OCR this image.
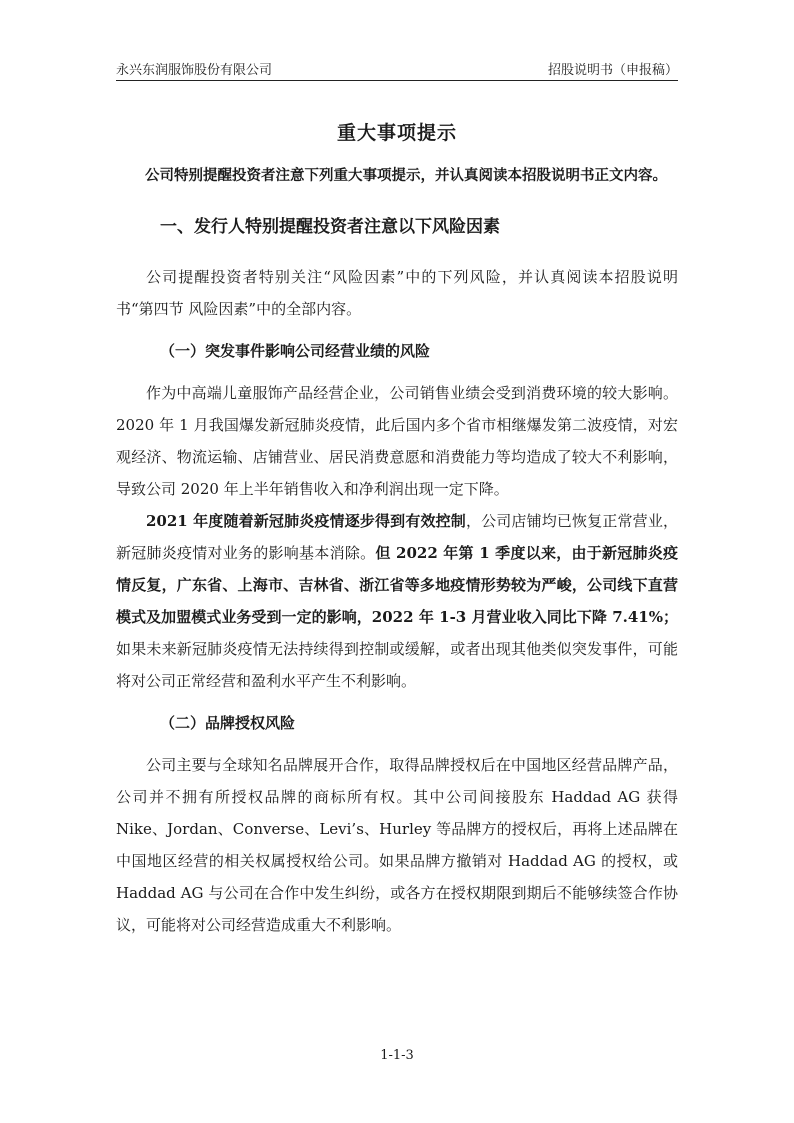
永兴东润服饰股份有限公司	招股说明书（申报稿）
重大事项提示

公司特别提醒投资者注意下列重大事项提示，并认真阅读本招股说明书正文内容。

一、发行人特别提醒投资者注意以下风险因素

公司提醒投资者特别关注“风险因素”中的下列风险，并认真阅读本招股说明书“第四节 风险因素”中的全部内容。

（一）突发事件影响公司经营业绩的风险

作为中高端儿童服饰产品经营企业，公司销售业绩会受到消费环境的较大影响。2020 年 1 月我国爆发新冠肺炎疫情，此后国内多个省市相继爆发第二波疫情，对宏观经济、物流运输、店铺营业、居民消费意愿和消费能力等均造成了较大不利影响，导致公司 2020 年上半年销售收入和净利润出现一定下降。

2021 年度随着新冠肺炎疫情逐步得到有效控制，公司店铺均已恢复正常营业，新冠肺炎疫情对业务的影响基本消除。但 2022 年第 1 季度以来，由于新冠肺炎疫情反复，广东省、上海市、吉林省、浙江省等多地疫情形势较为严峻，公司线下直营模式及加盟模式业务受到一定的影响，2022 年 1-3 月营业收入同比下降 7.41%；如果未来新冠肺炎疫情无法持续得到控制或缓解，或者出现其他类似突发事件，可能将对公司正常经营和盈利水平产生不利影响。

（二）品牌授权风险

公司主要与全球知名品牌展开合作，取得品牌授权后在中国地区经营品牌产品，公司并不拥有所授权品牌的商标所有权。其中公司间接股东 Haddad AG 获得 Nike、Jordan、Converse、Levi’s、Hurley 等品牌方的授权后，再将上述品牌在中国地区经营的相关权属授权给公司。如果品牌方撤销对 Haddad AG 的授权，或 Haddad AG 与公司在合作中发生纠纷，或各方在授权期限到期后不能够续签合作协议，可能将对公司经营造成重大不利影响。

1-1-3
